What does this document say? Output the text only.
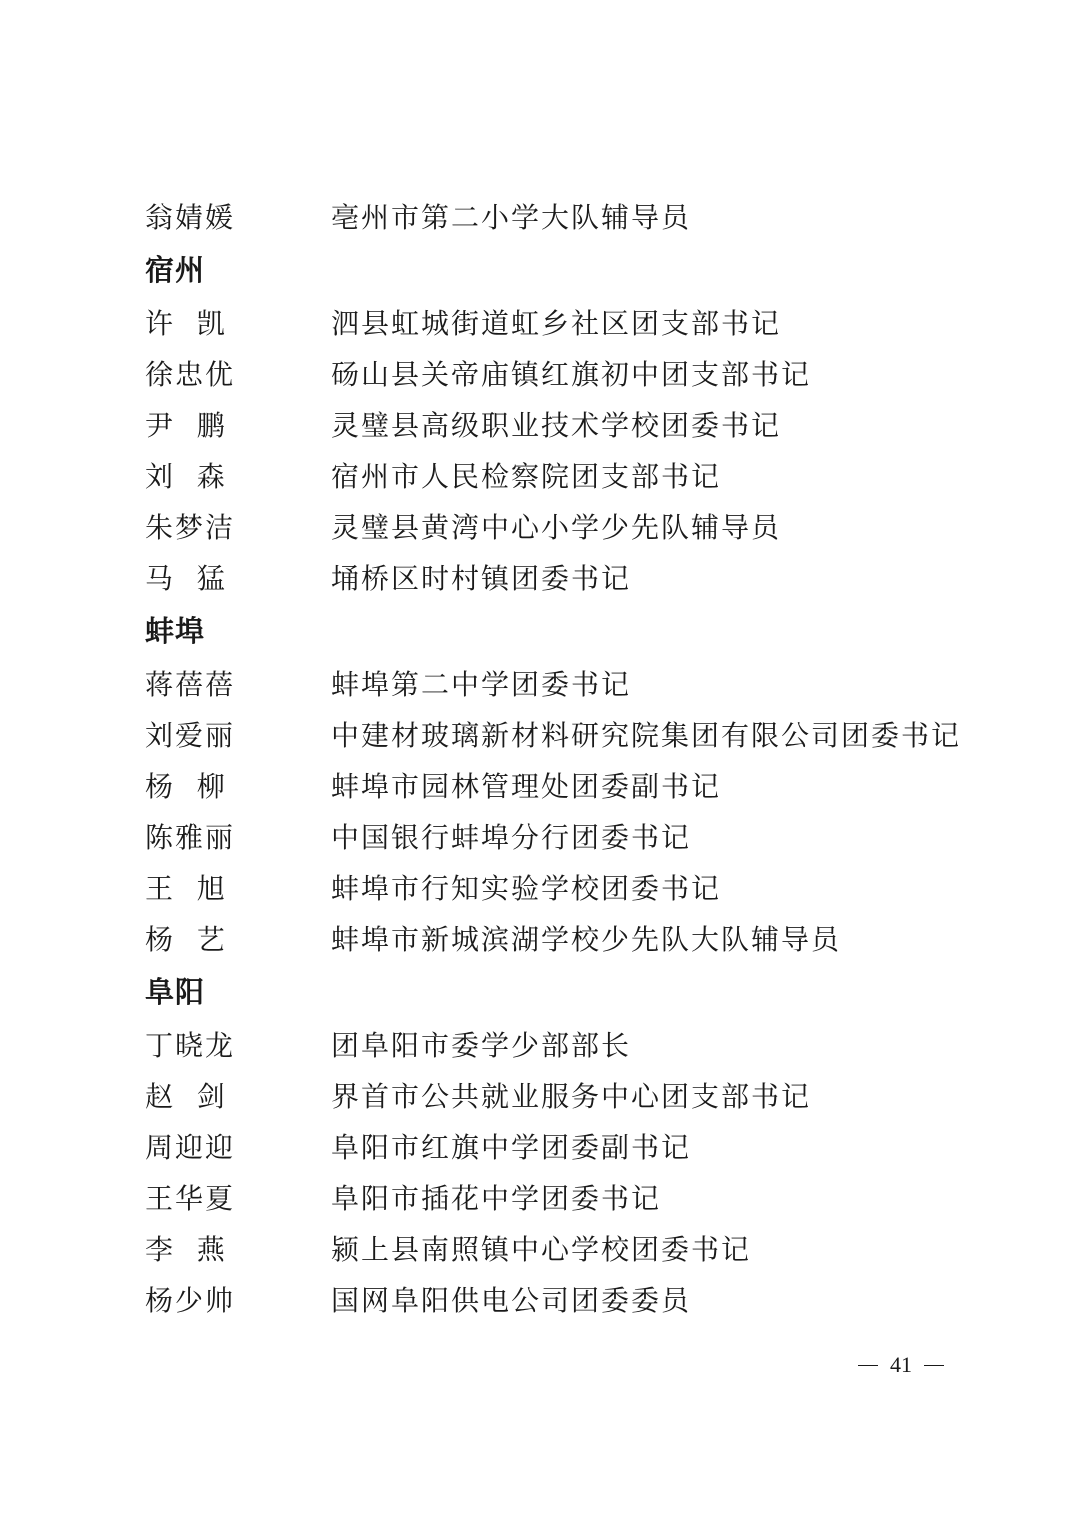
翁婧媛	亳州市第二小学大队辅导员
宿州
许  凯	泗县虹城街道虹乡社区团支部书记
徐忠优	砀山县关帝庙镇红旗初中团支部书记
尹  鹏	灵璧县高级职业技术学校团委书记
刘  森	宿州市人民检察院团支部书记
朱梦洁	灵璧县黄湾中心小学少先队辅导员
马  猛	埇桥区时村镇团委书记
蚌埠
蒋蓓蓓	蚌埠第二中学团委书记
刘爱丽	中建材玻璃新材料研究院集团有限公司团委书记
杨  柳	蚌埠市园林管理处团委副书记
陈雅丽	中国银行蚌埠分行团委书记
王  旭	蚌埠市行知实验学校团委书记
杨  艺	蚌埠市新城滨湖学校少先队大队辅导员
阜阳
丁晓龙	团阜阳市委学少部部长
赵  剑	界首市公共就业服务中心团支部书记
周迎迎	阜阳市红旗中学团委副书记
王华夏	阜阳市插花中学团委书记
李  燕	颍上县南照镇中心学校团委书记
杨少帅	国网阜阳供电公司团委委员
41
